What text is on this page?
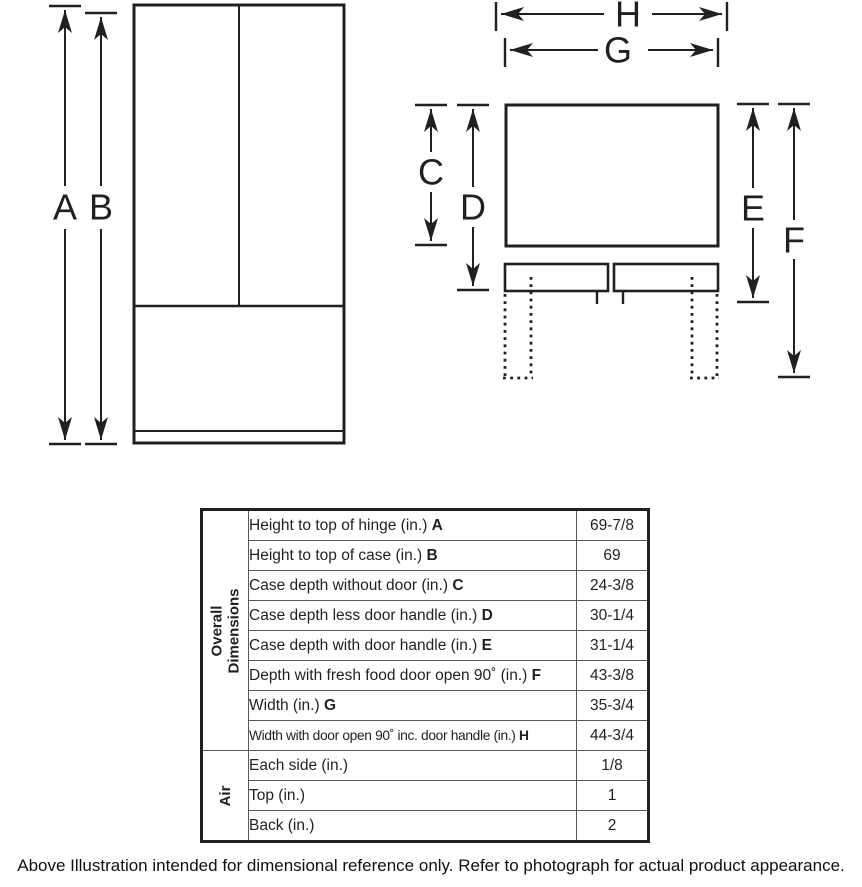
A B
H
G
C
D	E
F
Overall
Dimensions	Height to top of hinge (in.) A	69-7/8
	Height to top of case (in.) B	69
	Case depth without door (in.) C	24-3/8
	Case depth less door handle (in.) D	30-1/4
	Case depth with door handle (in.) E	31-1/4
	Depth with fresh food door open 90˚ (in.) F	43-3/8
	Width (in.) G	35-3/4
	Width with door open 90˚ inc. door handle (in.) H	44-3/4

Air	Each side (in.)	1/8
	Top (in.)	1
	Back (in.)	2
Above Illustration intended for dimensional reference only. Refer to photograph for actual product appearance.
